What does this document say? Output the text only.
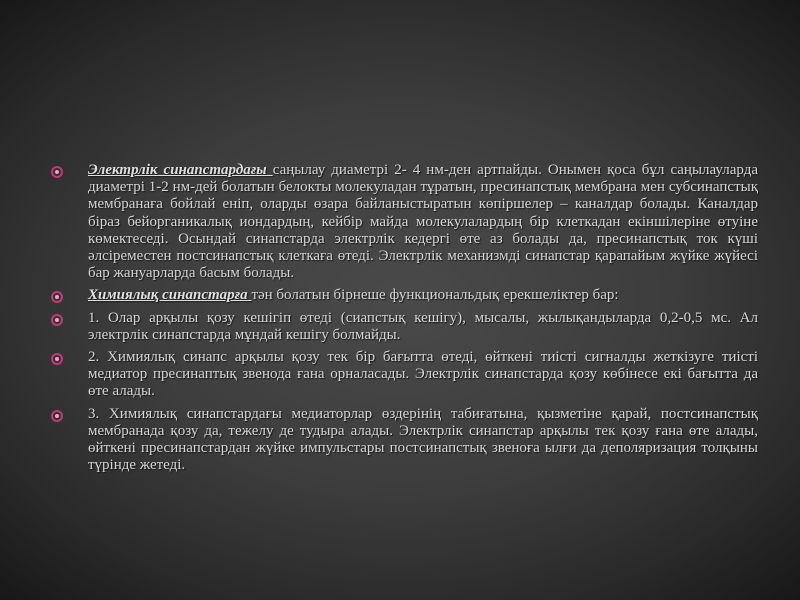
Электрлік синапстардағы саңылау диаметрі 2- 4 нм-ден артпайды. Онымен қоса бұл саңылауларда диаметрі 1-2 нм-дей болатын белокты молекуладан тұратын, пресинапстық мембрана мен субсинапстық мембранаға бойлай еніп, оларды өзара байланыстыратын көпіршелер – каналдар болады. Каналдар біраз бейорганикалық иондардың, кейбір майда молекулалардың бір клеткадан екіншілеріне өтуіне көмектеседі. Осындай синапстарда электрлік кедергі өте аз болады да, пресинапстық ток күші әлсіреместен постсинапстық клеткаға өтеді. Электрлік механизмді синапстар қарапайым жүйке жүйесі бар жануарларда басым болады.

Химиялық синапстарға тән болатын бірнеше функциональдық ерекшеліктер бар:

1. Олар арқылы қозу кешігіп өтеді (сиапстық кешігу), мысалы, жылықандыларда 0,2-0,5 мс. Ал электрлік синапстарда мұндай кешігу болмайды.

2. Химиялық синапс арқылы қозу тек бір бағытта өтеді, өйткені тиісті сигналды жеткізуге тиісті медиатор пресинаптық звенода ғана орналасады. Электрлік синапстарда қозу көбінесе екі бағытта да өте алады.

3. Химиялық синапстардағы медиаторлар өздерінің табиғатына, қызметіне қарай, постсинапстық мембранада қозу да, тежелу де тудыра алады. Электрлік синапстар арқылы тек қозу ғана өте алады, өйткені пресинапстардан жүйке импульстары постсинапстық звеноға ылғи да деполяризация толқыны түрінде жетеді.
